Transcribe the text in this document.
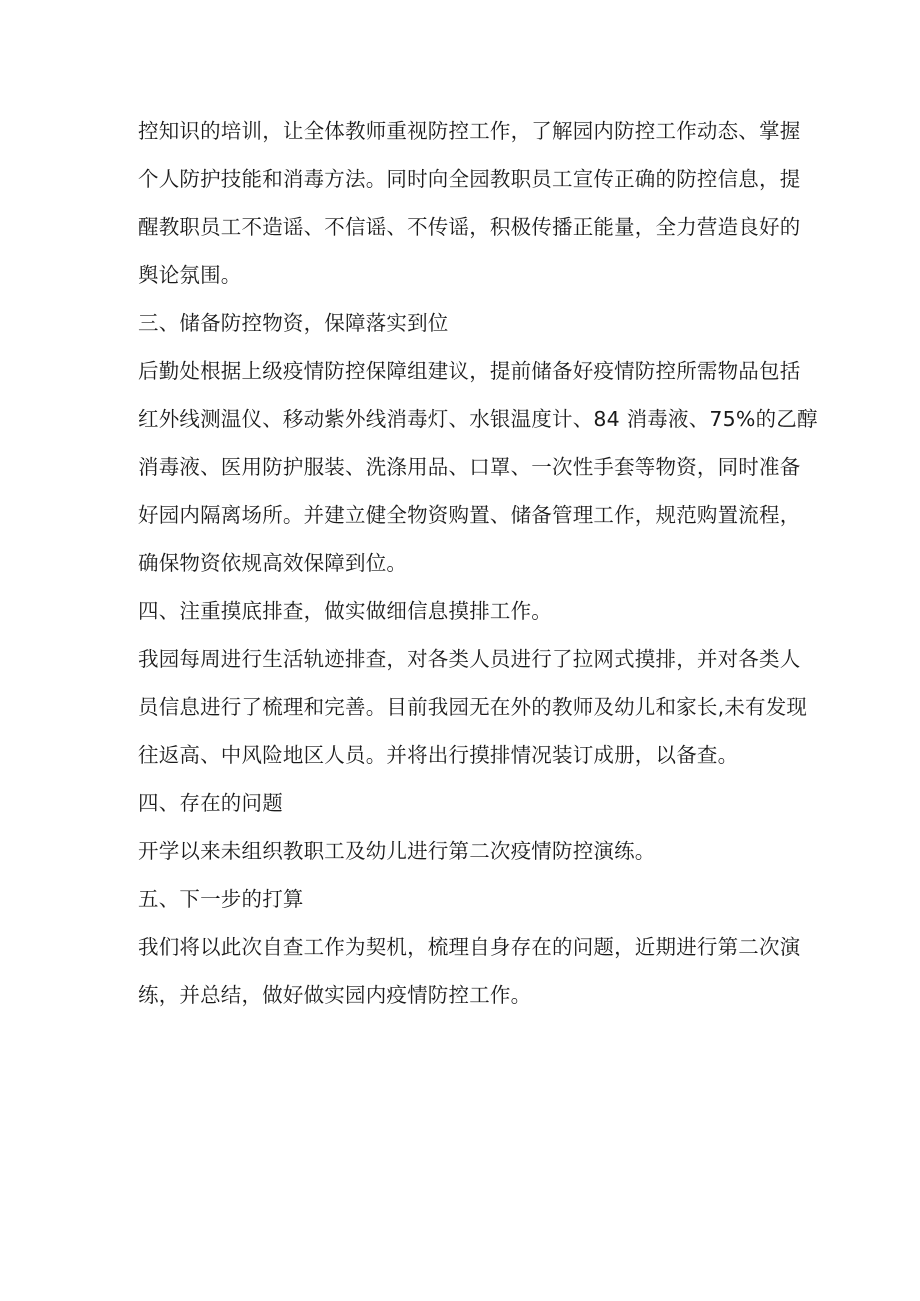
控知识的培训，让全体教师重视防控工作，了解园内防控工作动态、掌握
个人防护技能和消毒方法。同时向全园教职员工宣传正确的防控信息，提
醒教职员工不造谣、不信谣、不传谣，积极传播正能量，全力营造良好的
舆论氛围。
三、储备防控物资，保障落实到位
后勤处根据上级疫情防控保障组建议，提前储备好疫情防控所需物品包括
红外线测温仪、移动紫外线消毒灯、水银温度计、84 消毒液、75%的乙醇
消毒液、医用防护服装、洗涤用品、口罩、一次性手套等物资，同时准备
好园内隔离场所。并建立健全物资购置、储备管理工作，规范购置流程，
确保物资依规高效保障到位。
四、注重摸底排查，做实做细信息摸排工作。
我园每周进行生活轨迹排查，对各类人员进行了拉网式摸排，并对各类人
员信息进行了梳理和完善。目前我园无在外的教师及幼儿和家长,未有发现
往返高、中风险地区人员。并将出行摸排情况装订成册，以备查。
四、存在的问题
开学以来未组织教职工及幼儿进行第二次疫情防控演练。
五、下一步的打算
我们将以此次自查工作为契机，梳理自身存在的问题，近期进行第二次演
练，并总结，做好做实园内疫情防控工作。
